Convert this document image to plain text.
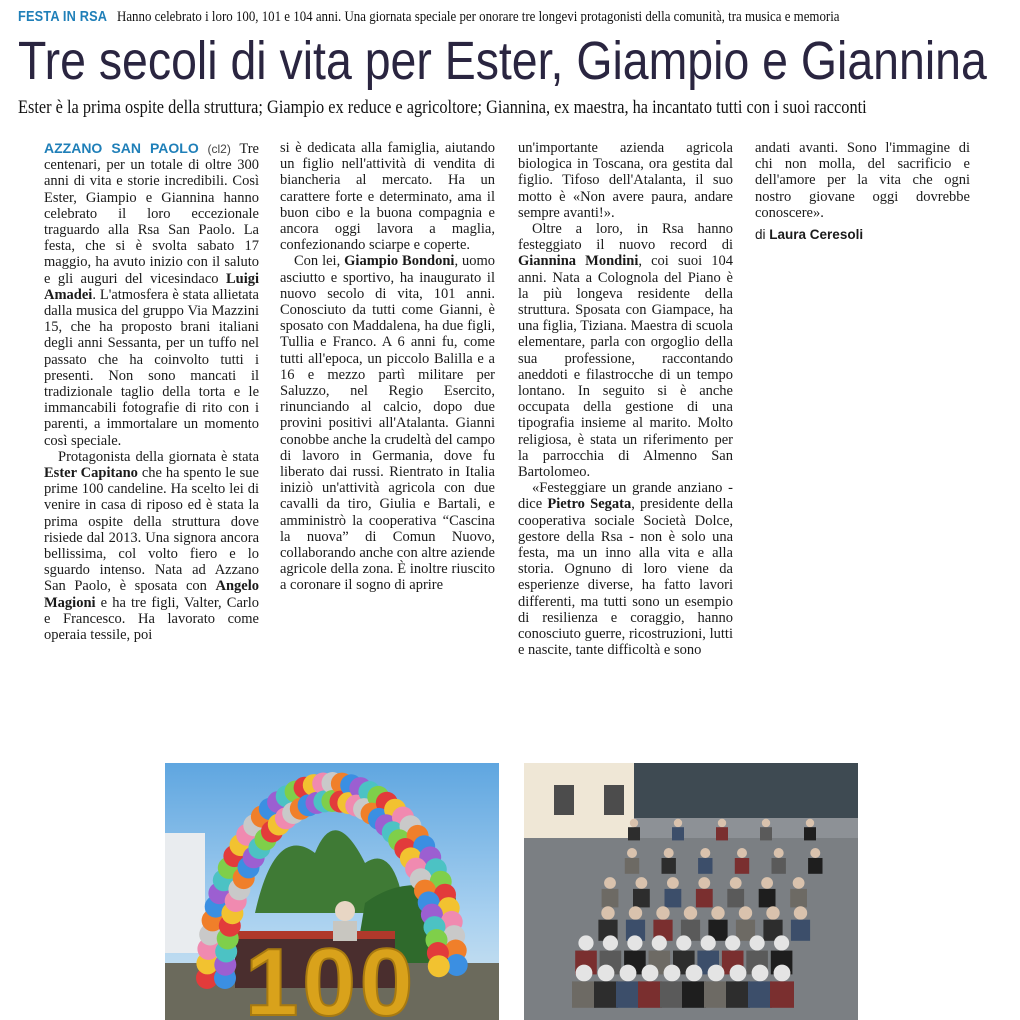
FESTA IN RSA Hanno celebrato i loro 100, 101 e 104 anni. Una giornata speciale per onorare tre longevi protagonisti della comunità, tra musica e memoria
Tre secoli di vita per Ester, Giampio e Giannina
Ester è la prima ospite della struttura; Giampio ex reduce e agricoltore; Giannina, ex maestra, ha incantato tutti con i suoi racconti

AZZANO SAN PAOLO (cl2) Tre centenari, per un totale di oltre 300 anni di vita e storie incredibili. Così Ester, Giampio e Giannina hanno celebrato il loro eccezionale traguardo alla Rsa San Paolo. La festa, che si è svolta sabato 17 maggio, ha avuto inizio con il saluto e gli auguri del vicesindaco Luigi Amadei. L'atmosfera è stata allietata dalla musica del gruppo Via Mazzini 15, che ha proposto brani italiani degli anni Sessanta, per un tuffo nel passato che ha coinvolto tutti i presenti. Non sono mancati il tradizionale taglio della torta e le immancabili fotografie di rito con i parenti, a immortalare un momento così speciale.

Protagonista della giornata è stata Ester Capitano che ha spento le sue prime 100 candeline. Ha scelto lei di venire in casa di riposo ed è stata la prima ospite della struttura dove risiede dal 2013. Una signora ancora bellissima, col volto fiero e lo sguardo intenso. Nata ad Azzano San Paolo, è sposata con Angelo Magioni e ha tre figli, Valter, Carlo e Francesco. Ha lavorato come operaia tessile, poi

si è dedicata alla famiglia, aiutando un figlio nell'attività di vendita di biancheria al mercato. Ha un carattere forte e determinato, ama il buon cibo e la buona compagnia e ancora oggi lavora a maglia, confezionando sciarpe e coperte.

Con lei, Giampio Bondoni, uomo asciutto e sportivo, ha inaugurato il nuovo secolo di vita, 101 anni. Conosciuto da tutti come Gianni, è sposato con Maddalena, ha due figli, Tullia e Franco. A 6 anni fu, come tutti all'epoca, un piccolo Balilla e a 16 e mezzo partì militare per Saluzzo, nel Regio Esercito, rinunciando al calcio, dopo due provini positivi all'Atalanta. Gianni conobbe anche la crudeltà del campo di lavoro in Germania, dove fu liberato dai russi. Rientrato in Italia iniziò un'attività agricola con due cavalli da tiro, Giulia e Bartali, e amministrò la cooperativa “Cascina la nuova” di Comun Nuovo, collaborando anche con altre aziende agricole della zona. È inoltre riuscito a coronare il sogno di aprire

un'importante azienda agricola biologica in Toscana, ora gestita dal figlio. Tifoso dell'Atalanta, il suo motto è «Non avere paura, andare sempre avanti!».

Oltre a loro, in Rsa hanno festeggiato il nuovo record di Giannina Mondini, coi suoi 104 anni. Nata a Colognola del Piano è la più longeva residente della struttura. Sposata con Giampace, ha una figlia, Tiziana. Maestra di scuola elementare, parla con orgoglio della sua professione, raccontando aneddoti e filastrocche di un tempo lontano. In seguito si è anche occupata della gestione di una tipografia insieme al marito. Molto religiosa, è stata un riferimento per la parrocchia di Almenno San Bartolomeo.

«Festeggiare un grande anziano - dice Pietro Segata, presidente della cooperativa sociale Società Dolce, gestore della Rsa - non è solo una festa, ma un inno alla vita e alla storia. Ognuno di loro viene da esperienze diverse, ha fatto lavori differenti, ma tutti sono un esempio di resilienza e coraggio, hanno conosciuto guerre, ricostruzioni, lutti e nascite, tante difficoltà e sono

andati avanti. Sono l'immagine di chi non molla, del sacrificio e dell'amore per la vita che ogni nostro giovane oggi dovrebbe conoscere».

di Laura Ceresoli
100
